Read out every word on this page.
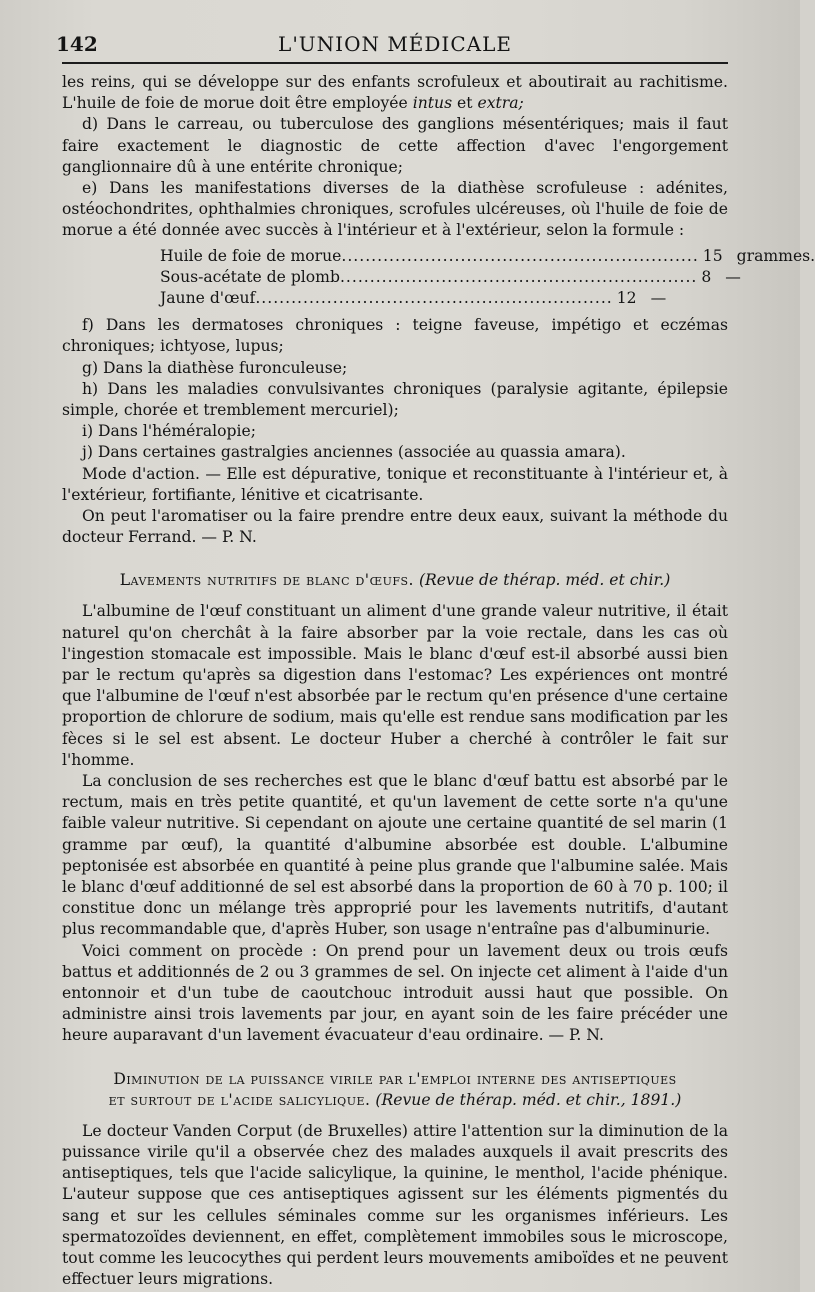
142	L'UNION MÉDICALE

les reins, qui se développe sur des enfants scrofuleux et aboutirait au rachitisme. L'huile de foie de morue doit être employée intus et extra;

d) Dans le carreau, ou tuberculose des ganglions mésentériques; mais il faut faire exactement le diagnostic de cette affection d'avec l'engorgement ganglionnaire dû à une entérite chronique;

e) Dans les manifestations diverses de la diathèse scrofuleuse : adénites, ostéochondrites, ophthalmies chroniques, scrofules ulcéreuses, où l'huile de foie de morue a été donnée avec succès à l'intérieur et à l'extérieur, selon la formule :

Huile de foie de morue ............................................................ 15 grammes.
Sous-acétate de plomb ............................................................ 8 —
Jaune d'œuf ............................................................ 12 —

f) Dans les dermatoses chroniques : teigne faveuse, impétigo et eczémas chroniques; ichtyose, lupus;

g) Dans la diathèse furonculeuse;

h) Dans les maladies convulsivantes chroniques (paralysie agitante, épilepsie simple, chorée et tremblement mercuriel);

i) Dans l'héméralopie;

j) Dans certaines gastralgies anciennes (associée au quassia amara).

Mode d'action. — Elle est dépurative, tonique et reconstituante à l'intérieur et, à l'extérieur, fortifiante, lénitive et cicatrisante.

On peut l'aromatiser ou la faire prendre entre deux eaux, suivant la méthode du docteur Ferrand. — P. N.

Lavements nutritifs de blanc d'œufs. (Revue de thérap. méd. et chir.)

L'albumine de l'œuf constituant un aliment d'une grande valeur nutritive, il était naturel qu'on cherchât à la faire absorber par la voie rectale, dans les cas où l'ingestion stomacale est impossible. Mais le blanc d'œuf est-il absorbé aussi bien par le rectum qu'après sa digestion dans l'estomac? Les expériences ont montré que l'albumine de l'œuf n'est absorbée par le rectum qu'en présence d'une certaine proportion de chlorure de sodium, mais qu'elle est rendue sans modification par les fèces si le sel est absent. Le docteur Huber a cherché à contrôler le fait sur l'homme.

La conclusion de ses recherches est que le blanc d'œuf battu est absorbé par le rectum, mais en très petite quantité, et qu'un lavement de cette sorte n'a qu'une faible valeur nutritive. Si cependant on ajoute une certaine quantité de sel marin (1 gramme par œuf), la quantité d'albumine absorbée est double. L'albumine peptonisée est absorbée en quantité à peine plus grande que l'albumine salée. Mais le blanc d'œuf additionné de sel est absorbé dans la proportion de 60 à 70 p. 100; il constitue donc un mélange très approprié pour les lavements nutritifs, d'autant plus recommandable que, d'après Huber, son usage n'entraîne pas d'albuminurie.

Voici comment on procède : On prend pour un lavement deux ou trois œufs battus et additionnés de 2 ou 3 grammes de sel. On injecte cet aliment à l'aide d'un entonnoir et d'un tube de caoutchouc introduit aussi haut que possible. On administre ainsi trois lavements par jour, en ayant soin de les faire précéder une heure auparavant d'un lavement évacuateur d'eau ordinaire. — P. N.

Diminution de la puissance virile par l'emploi interne des antiseptiques
et surtout de l'acide salicylique. (Revue de thérap. méd. et chir., 1891.)

Le docteur Vanden Corput (de Bruxelles) attire l'attention sur la diminution de la puissance virile qu'il a observée chez des malades auxquels il avait prescrits des antiseptiques, tels que l'acide salicylique, la quinine, le menthol, l'acide phénique. L'auteur suppose que ces antiseptiques agissent sur les éléments pigmentés du sang et sur les cellules séminales comme sur les organismes inférieurs. Les spermatozoïdes deviennent, en effet, complètement immobiles sous le microscope, tout comme les leucocythes qui perdent leurs mouvements amiboïdes et ne peuvent effectuer leurs migrations.
